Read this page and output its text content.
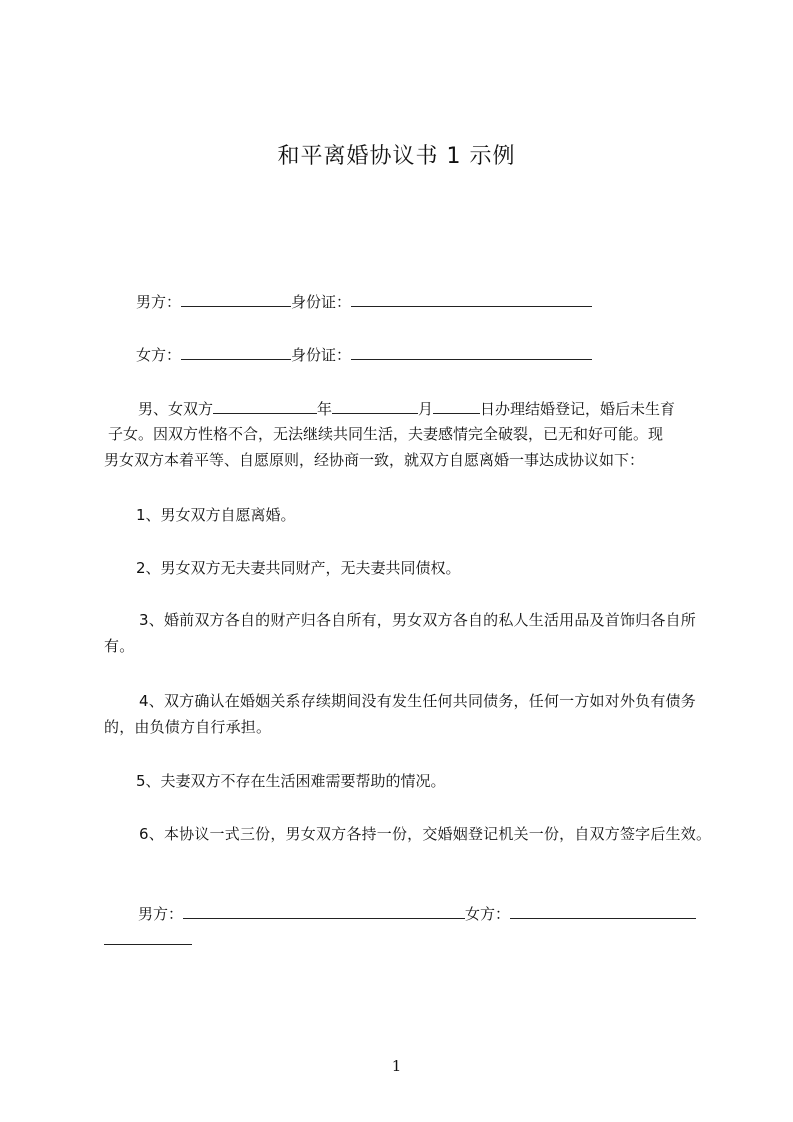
和平离婚协议书 1 示例
男方：	身份证：
女方：	身份证：
男、女双方	年	月	日办理结婚登记，婚后未生育
子女。因双方性格不合，无法继续共同生活，夫妻感情完全破裂，已无和好可能。现
男女双方本着平等、自愿原则，经协商一致，就双方自愿离婚一事达成协议如下：
1、男女双方自愿离婚。
2、男女双方无夫妻共同财产，无夫妻共同债权。
3、婚前双方各自的财产归各自所有，男女双方各自的私人生活用品及首饰归各自所有。
4、双方确认在婚姻关系存续期间没有发生任何共同债务，任何一方如对外负有债务的，由负债方自行承担。
5、夫妻双方不存在生活困难需要帮助的情况。
6、本协议一式三份，男女双方各持一份，交婚姻登记机关一份，自双方签字后生效。
男方：	女方：
1
